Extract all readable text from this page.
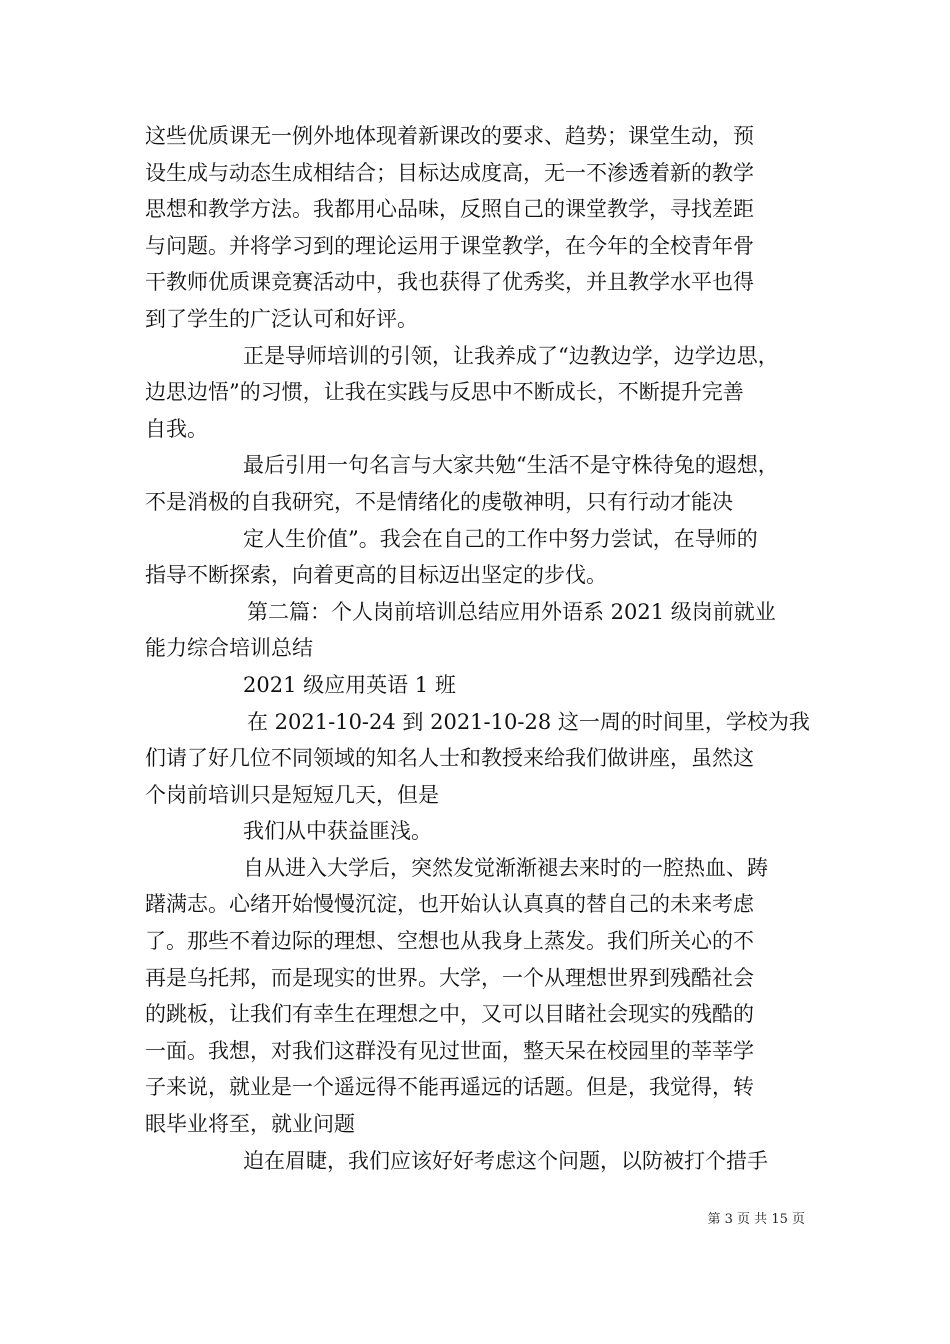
这些优质课无一例外地体现着新课改的要求、趋势；课堂生动，预
设生成与动态生成相结合；目标达成度高，无一不渗透着新的教学
思想和教学方法。我都用心品味，反照自己的课堂教学，寻找差距
与问题。并将学习到的理论运用于课堂教学，在今年的全校青年骨
干教师优质课竞赛活动中，我也获得了优秀奖，并且教学水平也得
到了学生的广泛认可和好评。
正是导师培训的引领，让我养成了“边教边学，边学边思，
边思边悟”的习惯，让我在实践与反思中不断成长，不断提升完善
自我。
最后引用一句名言与大家共勉“生活不是守株待兔的遐想，
不是消极的自我研究，不是情绪化的虔敬神明，只有行动才能决
定人生价值”。我会在自己的工作中努力尝试，在导师的
指导不断探索，向着更高的目标迈出坚定的步伐。
第二篇：个人岗前培训总结应用外语系 2021 级岗前就业
能力综合培训总结
2021 级应用英语 1 班
在 2021-10-24 到 2021-10-28 这一周的时间里，学校为我
们请了好几位不同领域的知名人士和教授来给我们做讲座，虽然这
个岗前培训只是短短几天，但是
我们从中获益匪浅。
自从进入大学后，突然发觉渐渐褪去来时的一腔热血、踌
躇满志。心绪开始慢慢沉淀，也开始认认真真的替自己的未来考虑
了。那些不着边际的理想、空想也从我身上蒸发。我们所关心的不
再是乌托邦，而是现实的世界。大学，一个从理想世界到残酷社会
的跳板，让我们有幸生在理想之中，又可以目睹社会现实的残酷的
一面。我想，对我们这群没有见过世面，整天呆在校园里的莘莘学
子来说，就业是一个遥远得不能再遥远的话题。但是，我觉得，转
眼毕业将至，就业问题
迫在眉睫，我们应该好好考虑这个问题，以防被打个措手
第 3 页 共 15 页
